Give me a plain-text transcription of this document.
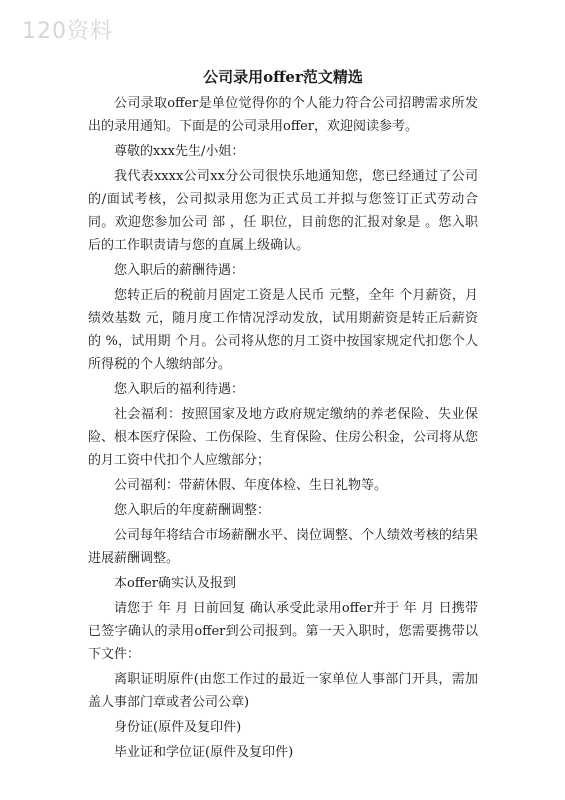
120资料
公司录用offer范文精选

公司录取offer是单位觉得你的个人能力符合公司招聘需求所发出的录用通知。下面是的公司录用offer，欢迎阅读参考。

尊敬的xxx先生/小姐：

我代表xxxx公司xx分公司很快乐地通知您，您已经通过了公司的/面试考核，公司拟录用您为正式员工并拟与您签订正式劳动合同。欢迎您参加公司 部 ，任 职位，目前您的汇报对象是 。您入职后的工作职责请与您的直属上级确认。

您入职后的薪酬待遇：

您转正后的税前月固定工资是人民币 元整，全年 个月薪资，月绩效基数 元，随月度工作情况浮动发放，试用期薪资是转正后薪资的 %，试用期 个月。公司将从您的月工资中按国家规定代扣您个人所得税的个人缴纳部分。

您入职后的福利待遇：

社会福利：按照国家及地方政府规定缴纳的养老保险、失业保险、根本医疗保险、工伤保险、生育保险、住房公积金，公司将从您的月工资中代扣个人应缴部分；

公司福利：带薪休假、年度体检、生日礼物等。

您入职后的年度薪酬调整：

公司每年将结合市场薪酬水平、岗位调整、个人绩效考核的结果进展薪酬调整。

本offer确实认及报到

请您于 年 月 日前回复 确认承受此录用offer并于 年 月 日携带已签字确认的录用offer到公司报到。第一天入职时，您需要携带以下文件：

离职证明原件(由您工作过的最近一家单位人事部门开具，需加盖人事部门章或者公司公章)

身份证(原件及复印件)

毕业证和学位证(原件及复印件)
